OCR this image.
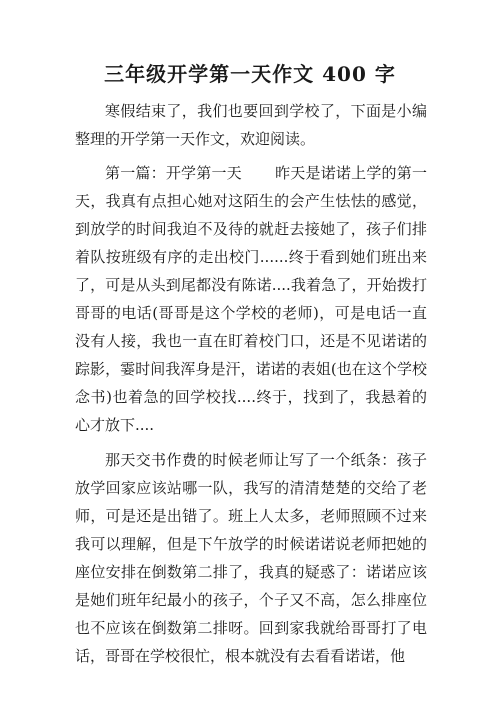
三年级开学第一天作文 400 字

寒假结束了，我们也要回到学校了，下面是小编整理的开学第一天作文，欢迎阅读。

第一篇：开学第一天 昨天是诺诺上学的第一天，我真有点担心她对这陌生的会产生怯怯的感觉，到放学的时间我迫不及待的就赶去接她了，孩子们排着队按班级有序的走出校门......终于看到她们班出来了，可是从头到尾都没有陈诺....我着急了，开始拨打哥哥的电话(哥哥是这个学校的老师)，可是电话一直没有人接，我也一直在盯着校门口，还是不见诺诺的踪影，霎时间我浑身是汗，诺诺的表姐(也在这个学校念书)也着急的回学校找....终于，找到了，我悬着的心才放下....

那天交书作费的时候老师让写了一个纸条：孩子放学回家应该站哪一队，我写的清清楚楚的交给了老师，可是还是出错了。班上人太多，老师照顾不过来我可以理解，但是下午放学的时候诺诺说老师把她的座位安排在倒数第二排了，我真的疑惑了：诺诺应该是她们班年纪最小的孩子，个子又不高，怎么排座位也不应该在倒数第二排呀。回到家我就给哥哥打了电话，哥哥在学校很忙，根本就没有去看看诺诺，他
